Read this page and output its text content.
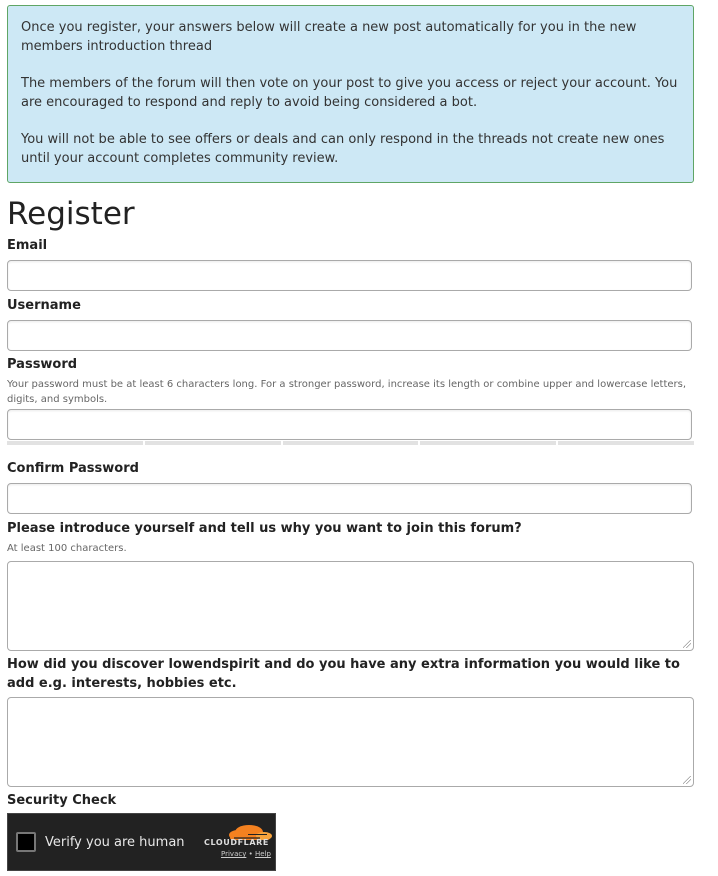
Once you register, your answers below will create a new post automatically for you in the new members introduction thread

The members of the forum will then vote on your post to give you access or reject your account. You are encouraged to respond and reply to avoid being considered a bot.

You will not be able to see offers or deals and can only respond in the threads not create new ones until your account completes community review.

Register
Email
Username
Password
Your password must be at least 6 characters long. For a stronger password, increase its length or combine upper and lowercase letters, digits, and symbols.
Confirm Password
Please introduce yourself and tell us why you want to join this forum?
At least 100 characters.
How did you discover lowendspirit and do you have any extra information you would like to add e.g. interests, hobbies etc.
Security Check
Verify you are human CLOUDFLARE
Privacy • Help
